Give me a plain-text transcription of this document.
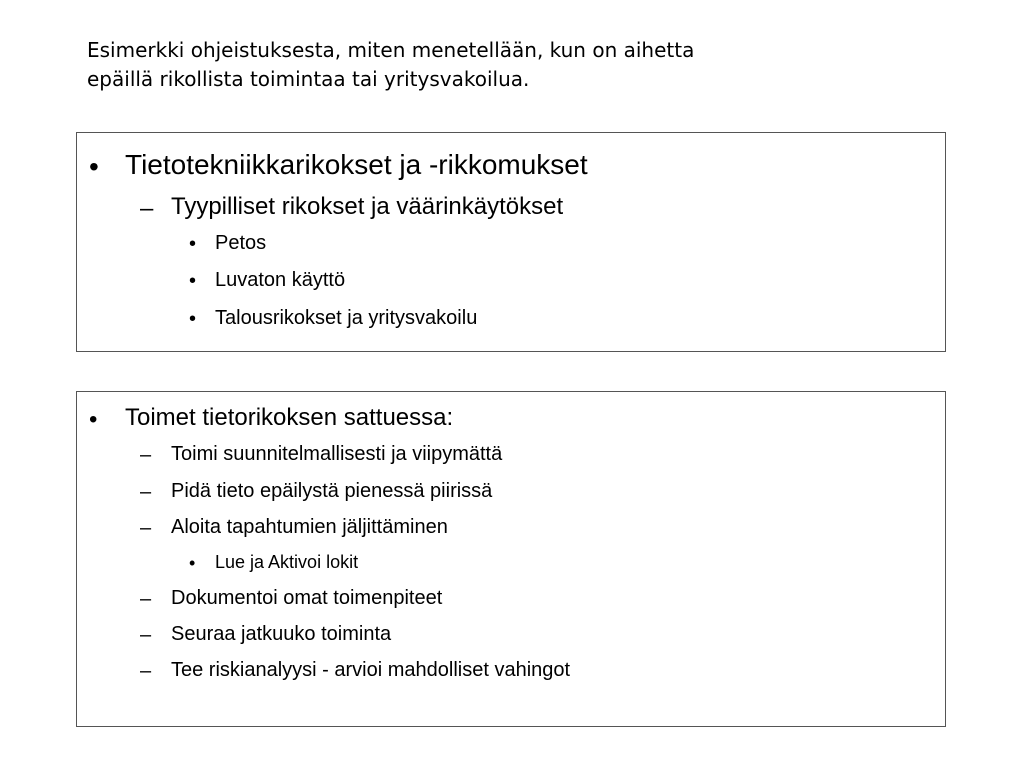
Esimerkki ohjeistuksesta, miten menetellään, kun on aihetta
epäillä rikollista toimintaa tai yritysvakoilua.
• Tietotekniikkarikokset ja -rikkomukset
– Tyypilliset rikokset ja väärinkäytökset
• Petos
• Luvaton käyttö
• Talousrikokset ja yritysvakoilu
• Toimet tietorikoksen sattuessa:
– Toimi suunnitelmallisesti ja viipymättä
– Pidä tieto epäilystä pienessä piirissä
– Aloita tapahtumien jäljittäminen
• Lue ja Aktivoi lokit
– Dokumentoi omat toimenpiteet
– Seuraa jatkuuko toiminta
– Tee riskianalyysi - arvioi mahdolliset vahingot
